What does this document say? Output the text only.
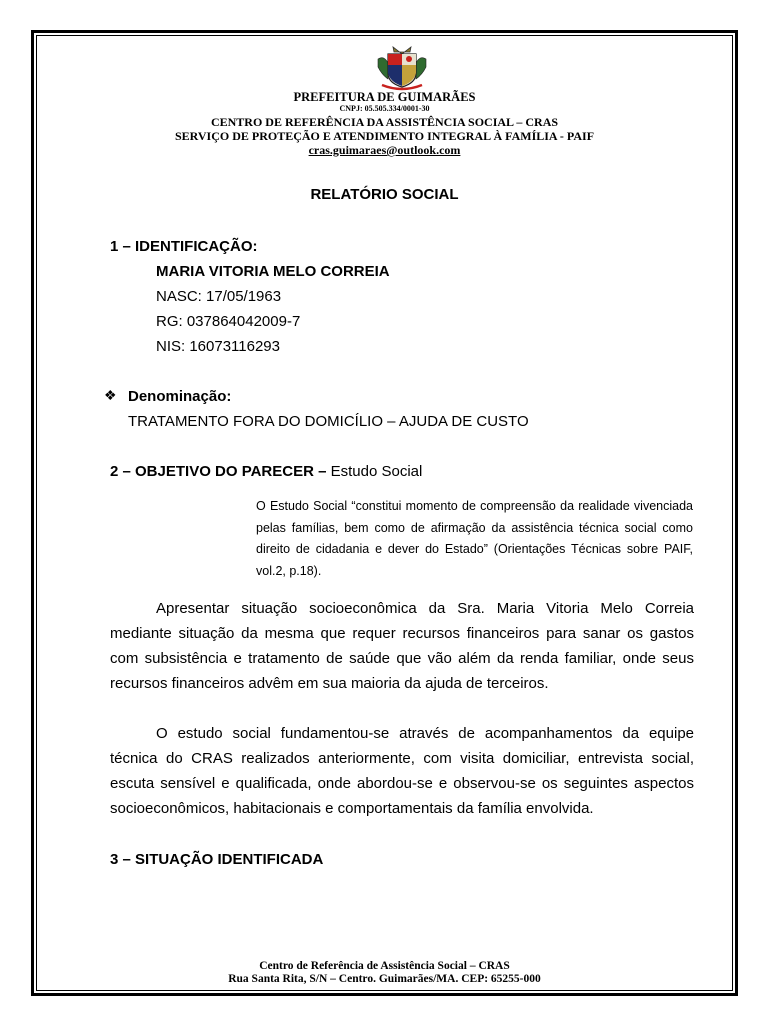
PREFEITURA DE GUIMARÃES
CNPJ: 05.505.334/0001-30
CENTRO DE REFERÊNCIA DA ASSISTÊNCIA SOCIAL – CRAS
SERVIÇO DE PROTEÇÃO E ATENDIMENTO INTEGRAL À FAMÍLIA - PAIF
cras.guimaraes@outlook.com
RELATÓRIO SOCIAL
1 – IDENTIFICAÇÃO:
MARIA VITORIA MELO CORREIA
NASC: 17/05/1963
RG: 037864042009-7
NIS: 16073116293
❖ Denominação:
TRATAMENTO FORA DO DOMICÍLIO – AJUDA DE CUSTO
2 – OBJETIVO DO PARECER – Estudo Social
O Estudo Social “constitui momento de compreensão da realidade vivenciada pelas famílias, bem como de afirmação da assistência técnica social como direito de cidadania e dever do Estado” (Orientações Técnicas sobre PAIF, vol.2, p.18).

Apresentar situação socioeconômica da Sra. Maria Vitoria Melo Correia mediante situação da mesma que requer recursos financeiros para sanar os gastos com subsistência e tratamento de saúde que vão além da renda familiar, onde seus recursos financeiros advêm em sua maioria da ajuda de terceiros.

O estudo social fundamentou-se através de acompanhamentos da equipe técnica do CRAS realizados anteriormente, com visita domiciliar, entrevista social, escuta sensível e qualificada, onde abordou-se e observou-se os seguintes aspectos socioeconômicos, habitacionais e comportamentais da família envolvida.

3 – SITUAÇÃO IDENTIFICADA
Centro de Referência de Assistência Social – CRAS
Rua Santa Rita, S/N – Centro. Guimarães/MA. CEP: 65255-000
